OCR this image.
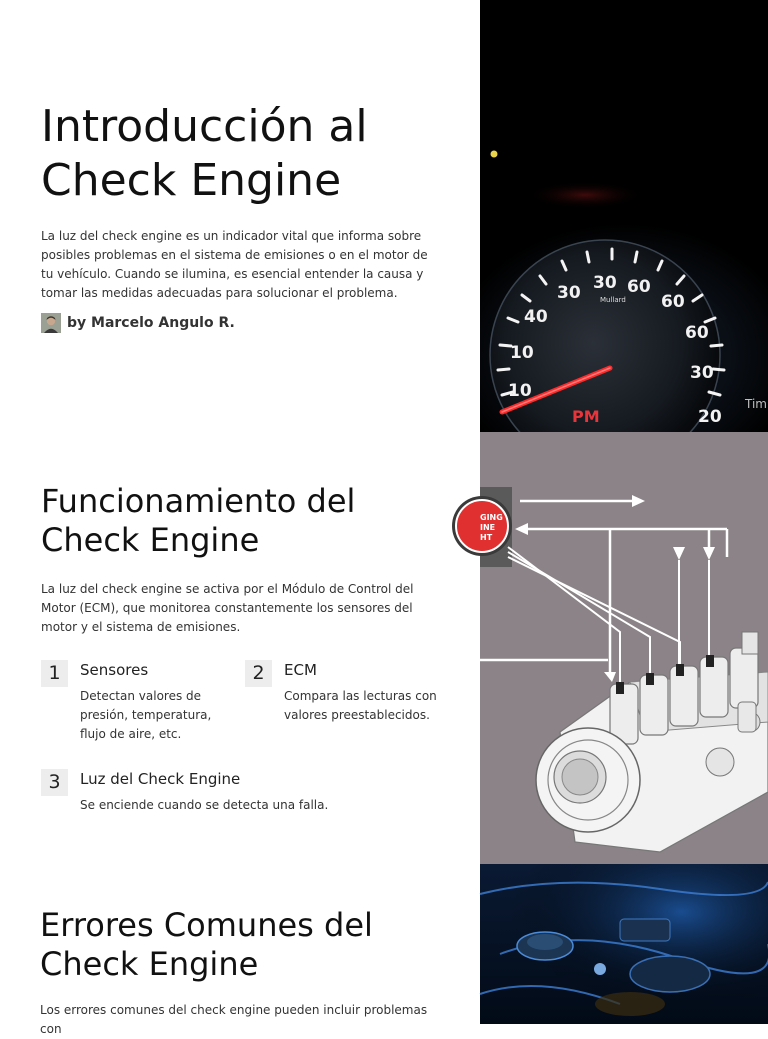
Introducción al Check Engine

La luz del check engine es un indicador vital que informa sobre posibles problemas en el sistema de emisiones o en el motor de tu vehículo. Cuando se ilumina, es esencial entender la causa y tomar las medidas adecuadas para solucionar el problema.

by Marcelo Angulo R.
10
10
20
40
30 30 60
60
60
30
Mullard
PM
Tim
Funcionamiento del Check Engine

La luz del check engine se activa por el Módulo de Control del Motor (ECM), que monitorea constantemente los sensores del motor y el sistema de emisiones.

1	Sensores
Detectan valores de presión, temperatura, flujo de aire, etc.
2	ECM
Compara las lecturas con valores preestablecidos.
3	Luz del Check Engine
Se enciende cuando se detecta una falla.
GING
INE
HT
Errores Comunes del Check Engine

Los errores comunes del check engine pueden incluir problemas con
